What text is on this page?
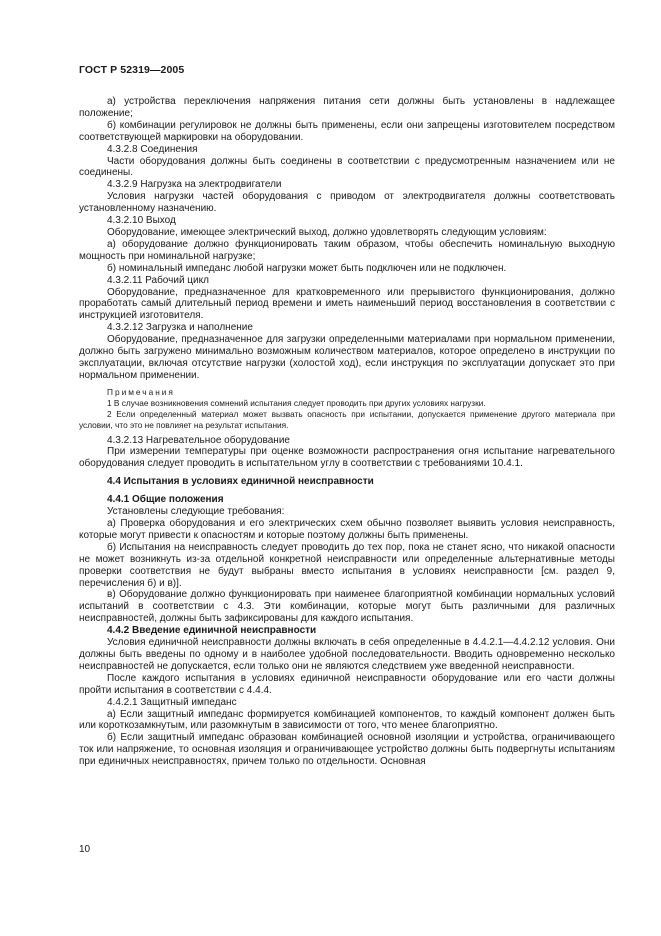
ГОСТ Р 52319—2005

а) устройства переключения напряжения питания сети должны быть установлены в надлежащее положение;

б) комбинации регулировок не должны быть применены, если они запрещены изготовителем посредством соответствующей маркировки на оборудовании.

4.3.2.8 Соединения

Части оборудования должны быть соединены в соответствии с предусмотренным назначением или не соединены.

4.3.2.9 Нагрузка на электродвигатели

Условия нагрузки частей оборудования с приводом от электродвигателя должны соответствовать установленному назначению.

4.3.2.10 Выход

Оборудование, имеющее электрический выход, должно удовлетворять следующим условиям:

а) оборудование должно функционировать таким образом, чтобы обеспечить номинальную выходную мощность при номинальной нагрузке;

б) номинальный импеданс любой нагрузки может быть подключен или не подключен.

4.3.2.11 Рабочий цикл

Оборудование, предназначенное для кратковременного или прерывистого функционирования, должно проработать самый длительный период времени и иметь наименьший период восстановления в соответствии с инструкцией изготовителя.

4.3.2.12 Загрузка и наполнение

Оборудование, предназначенное для загрузки определенными материалами при нормальном применении, должно быть загружено минимально возможным количеством материалов, которое определено в инструкции по эксплуатации, включая отсутствие нагрузки (холостой ход), если инструкция по эксплуатации допускает это при нормальном применении.

Примечания

1 В случае возникновения сомнений испытания следует проводить при других условиях нагрузки.

2 Если определенный материал может вызвать опасность при испытании, допускается применение другого материала при условии, что это не повлияет на результат испытания.

4.3.2.13 Нагревательное оборудование

При измерении температуры при оценке возможности распространения огня испытание нагревательного оборудования следует проводить в испытательном углу в соответствии с требованиями 10.4.1.

4.4 Испытания в условиях единичной неисправности

4.4.1 Общие положения

Установлены следующие требования:

а) Проверка оборудования и его электрических схем обычно позволяет выявить условия неисправность, которые могут привести к опасностям и которые поэтому должны быть применены.

б) Испытания на неисправность следует проводить до тех пор, пока не станет ясно, что никакой опасности не может возникнуть из-за отдельной конкретной неисправности или определенные альтернативные методы проверки соответствия не будут выбраны вместо испытания в условиях неисправности [см. раздел 9, перечисления б) и в)].

в) Оборудование должно функционировать при наименее благоприятной комбинации нормальных условий испытаний в соответствии с 4.3. Эти комбинации, которые могут быть различными для различных неисправностей, должны быть зафиксированы для каждого испытания.

4.4.2 Введение единичной неисправности

Условия единичной неисправности должны включать в себя определенные в 4.4.2.1—4.4.2.12 условия. Они должны быть введены по одному и в наиболее удобной последовательности. Вводить одновременно несколько неисправностей не допускается, если только они не являются следствием уже введенной неисправности.

После каждого испытания в условиях единичной неисправности оборудование или его части должны пройти испытания в соответствии с 4.4.4.

4.4.2.1 Защитный импеданс

а) Если защитный импеданс формируется комбинацией компонентов, то каждый компонент должен быть или короткозамкнутым, или разомкнутым в зависимости от того, что менее благоприятно.

б) Если защитный импеданс образован комбинацией основной изоляции и устройства, ограничивающего ток или напряжение, то основная изоляция и ограничивающее устройство должны быть подвергнуты испытаниям при единичных неисправностях, причем только по отдельности. Основная

10
